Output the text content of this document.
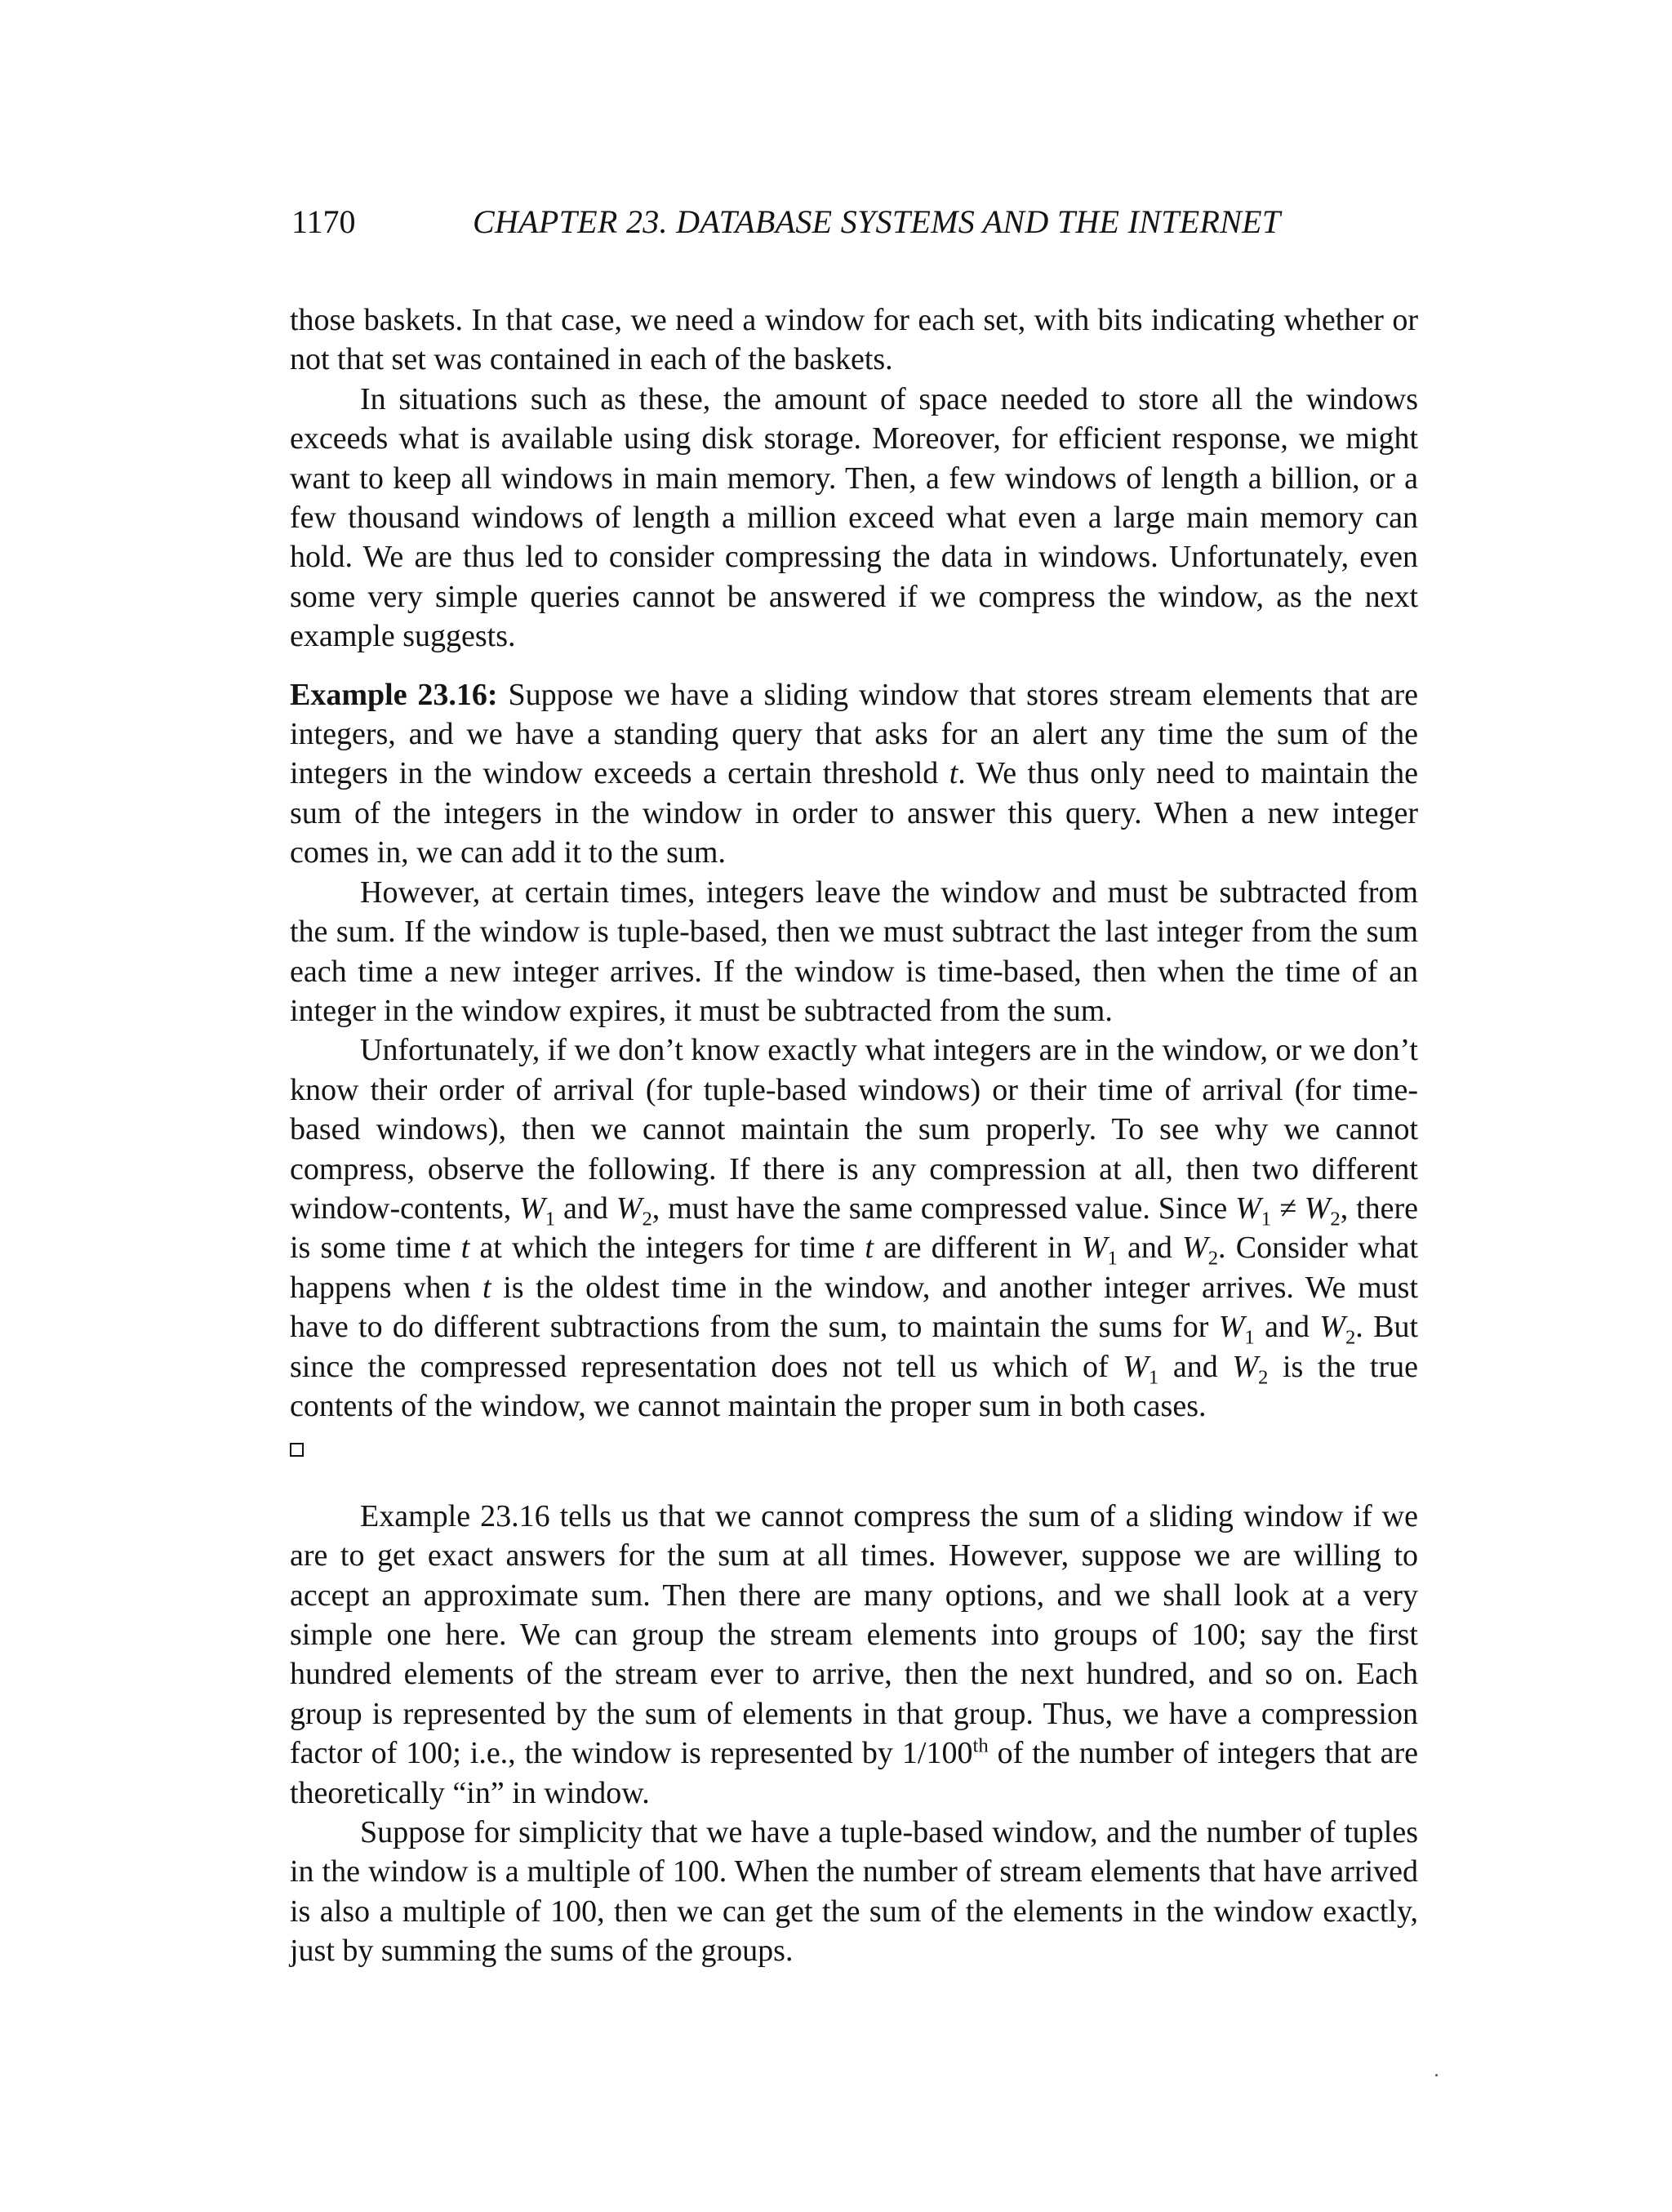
1170	CHAPTER 23. DATABASE SYSTEMS AND THE INTERNET

those baskets. In that case, we need a window for each set, with bits indicating whether or not that set was contained in each of the baskets.

In situations such as these, the amount of space needed to store all the windows exceeds what is available using disk storage. Moreover, for efficient response, we might want to keep all windows in main memory. Then, a few windows of length a billion, or a few thousand windows of length a million exceed what even a large main memory can hold. We are thus led to consider compressing the data in windows. Unfortunately, even some very simple queries cannot be answered if we compress the window, as the next example suggests.

Example 23.16: Suppose we have a sliding window that stores stream elements that are integers, and we have a standing query that asks for an alert any time the sum of the integers in the window exceeds a certain threshold t. We thus only need to maintain the sum of the integers in the window in order to answer this query. When a new integer comes in, we can add it to the sum.

However, at certain times, integers leave the window and must be subtracted from the sum. If the window is tuple-based, then we must subtract the last integer from the sum each time a new integer arrives. If the window is time-based, then when the time of an integer in the window expires, it must be subtracted from the sum.

Unfortunately, if we don’t know exactly what integers are in the window, or we don’t know their order of arrival (for tuple-based windows) or their time of arrival (for time-based windows), then we cannot maintain the sum properly. To see why we cannot compress, observe the following. If there is any compression at all, then two different window-contents, $W_1$ and $W_2$, must have the same compressed value. Since $W_1 \ne W_2$, there is some time t at which the integers for time t are different in $W_1$ and $W_2$. Consider what happens when t is the oldest time in the window, and another integer arrives. We must have to do different subtractions from the sum, to maintain the sums for $W_1$ and $W_2$. But since the compressed representation does not tell us which of $W_1$ and $W_2$ is the true contents of the window, we cannot maintain the proper sum in both cases.

Example 23.16 tells us that we cannot compress the sum of a sliding window if we are to get exact answers for the sum at all times. However, suppose we are willing to accept an approximate sum. Then there are many options, and we shall look at a very simple one here. We can group the stream elements into groups of 100; say the first hundred elements of the stream ever to arrive, then the next hundred, and so on. Each group is represented by the sum of elements in that group. Thus, we have a compression factor of 100; i.e., the window is represented by 1/100th of the number of integers that are theoretically “in” in window.

Suppose for simplicity that we have a tuple-based window, and the number of tuples in the window is a multiple of 100. When the number of stream elements that have arrived is also a multiple of 100, then we can get the sum of the elements in the window exactly, just by summing the sums of the groups.
